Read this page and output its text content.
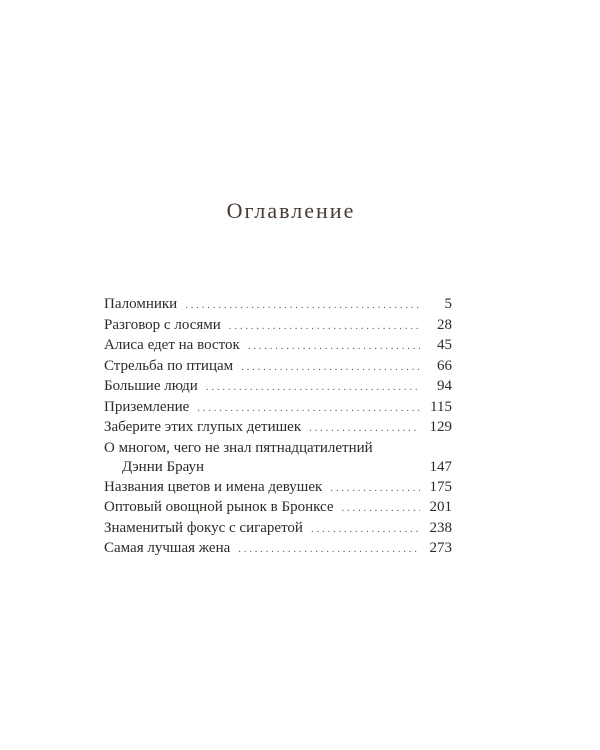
Оглавление
Паломники . . .	5
Разговор с лосями . . .	28
Алиса едет на восток . . .	45
Стрельба по птицам . . .	66
Большие люди . . .	94
Приземление . . .	115
Заберите этих глупых детишек . . .	129
О многом, чего не знал пятнадцатилетний
Дэнни Браун	147
Названия цветов и имена девушек . . .	175
Оптовый овощной рынок в Бронксе . . .	201
Знаменитый фокус с сигаретой . . .	238
Самая лучшая жена . . .	273
